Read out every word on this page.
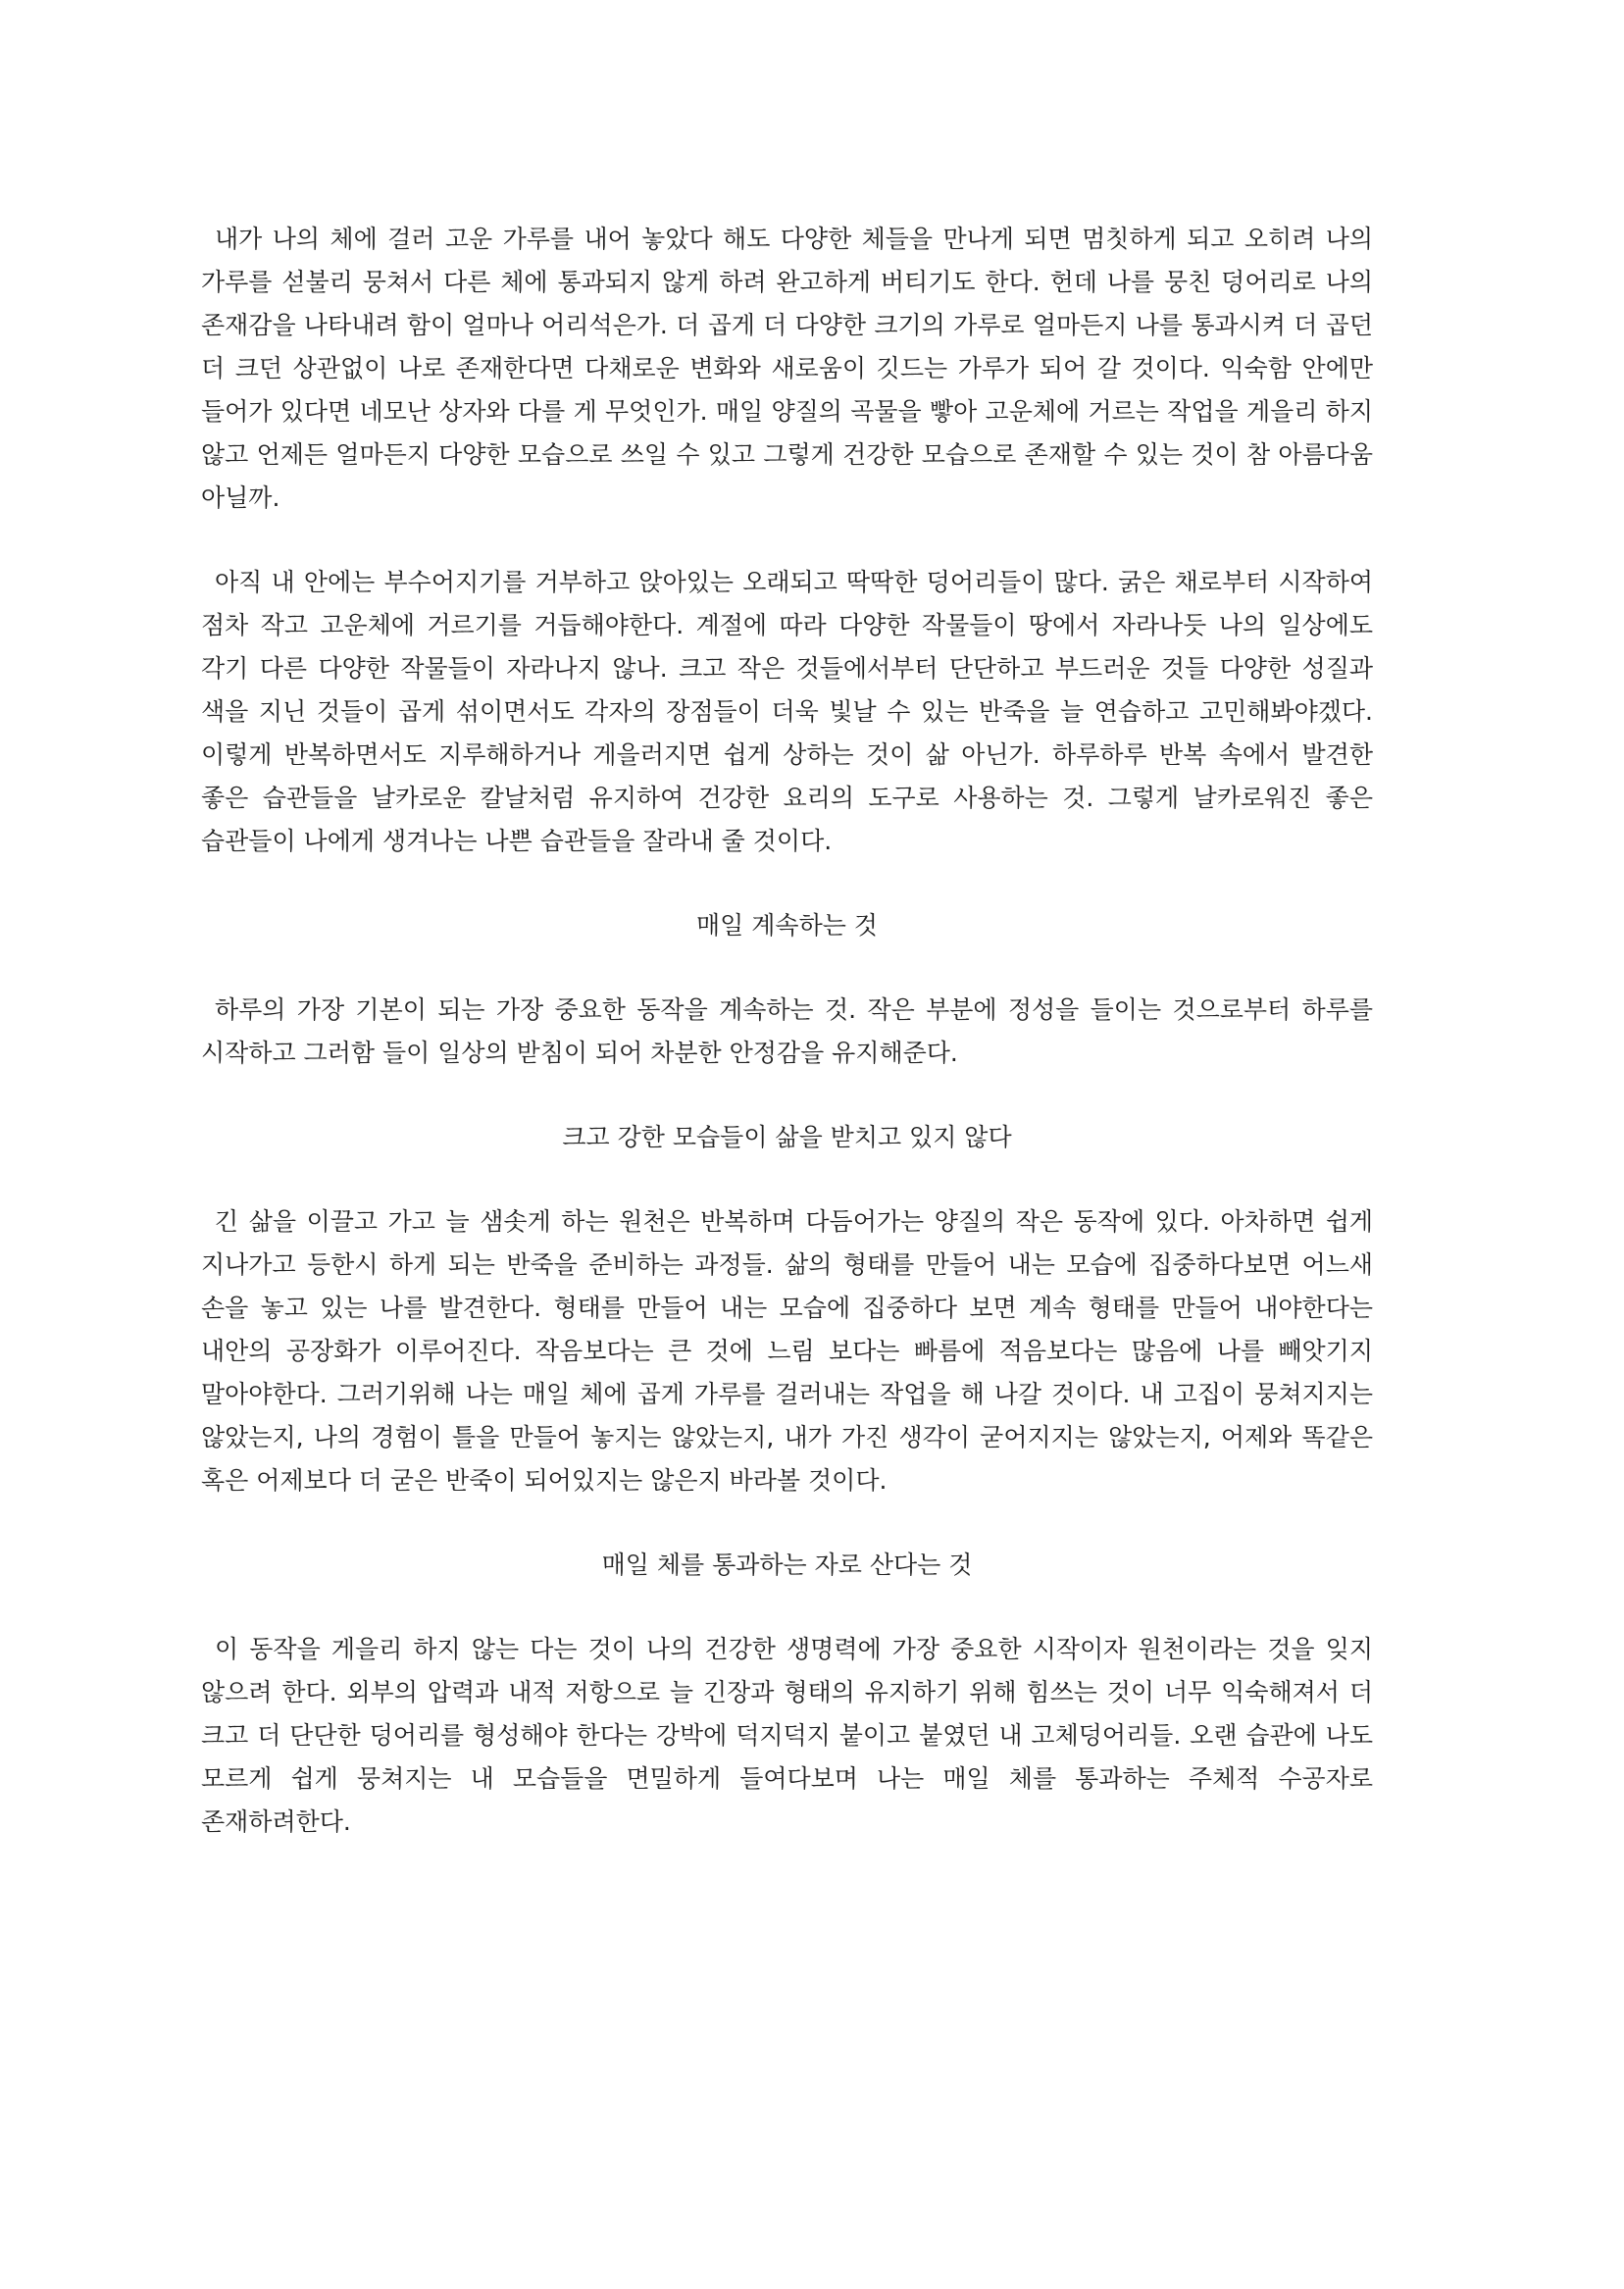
내가 나의 체에 걸러 고운 가루를 내어 놓았다 해도 다양한 체들을 만나게 되면 멈칫하게 되고 오히려 나의 가루를 섣불리 뭉쳐서 다른 체에 통과되지 않게 하려 완고하게 버티기도 한다. 헌데 나를 뭉친 덩어리로 나의 존재감을 나타내려 함이 얼마나 어리석은가. 더 곱게 더 다양한 크기의 가루로 얼마든지 나를 통과시켜 더 곱던 더 크던 상관없이 나로 존재한다면 다채로운 변화와 새로움이 깃드는 가루가 되어 갈 것이다. 익숙함 안에만 들어가 있다면 네모난 상자와 다를 게 무엇인가. 매일 양질의 곡물을 빻아 고운체에 거르는 작업을 게을리 하지 않고 언제든 얼마든지 다양한 모습으로 쓰일 수 있고 그렇게 건강한 모습으로 존재할 수 있는 것이 참 아름다움 아닐까.

아직 내 안에는 부수어지기를 거부하고 앉아있는 오래되고 딱딱한 덩어리들이 많다. 굵은 채로부터 시작하여 점차 작고 고운체에 거르기를 거듭해야한다. 계절에 따라 다양한 작물들이 땅에서 자라나듯 나의 일상에도 각기 다른 다양한 작물들이 자라나지 않나. 크고 작은 것들에서부터 단단하고 부드러운 것들 다양한 성질과 색을 지닌 것들이 곱게 섞이면서도 각자의 장점들이 더욱 빛날 수 있는 반죽을 늘 연습하고 고민해봐야겠다. 이렇게 반복하면서도 지루해하거나 게을러지면 쉽게 상하는 것이 삶 아닌가. 하루하루 반복 속에서 발견한 좋은 습관들을 날카로운 칼날처럼 유지하여 건강한 요리의 도구로 사용하는 것. 그렇게 날카로워진 좋은 습관들이 나에게 생겨나는 나쁜 습관들을 잘라내 줄 것이다.

매일 계속하는 것

하루의 가장 기본이 되는 가장 중요한 동작을 계속하는 것. 작은 부분에 정성을 들이는 것으로부터 하루를 시작하고 그러함 들이 일상의 받침이 되어 차분한 안정감을 유지해준다.

크고 강한 모습들이 삶을 받치고 있지 않다

긴 삶을 이끌고 가고 늘 샘솟게 하는 원천은 반복하며 다듬어가는 양질의 작은 동작에 있다. 아차하면 쉽게 지나가고 등한시 하게 되는 반죽을 준비하는 과정들. 삶의 형태를 만들어 내는 모습에 집중하다보면 어느새 손을 놓고 있는 나를 발견한다. 형태를 만들어 내는 모습에 집중하다 보면 계속 형태를 만들어 내야한다는 내안의 공장화가 이루어진다. 작음보다는 큰 것에 느림 보다는 빠름에 적음보다는 많음에 나를 빼앗기지 말아야한다. 그러기위해 나는 매일 체에 곱게 가루를 걸러내는 작업을 해 나갈 것이다. 내 고집이 뭉쳐지지는 않았는지, 나의 경험이 틀을 만들어 놓지는 않았는지, 내가 가진 생각이 굳어지지는 않았는지, 어제와 똑같은 혹은 어제보다 더 굳은 반죽이 되어있지는 않은지 바라볼 것이다.

매일 체를 통과하는 자로 산다는 것

이 동작을 게을리 하지 않는 다는 것이 나의 건강한 생명력에 가장 중요한 시작이자 원천이라는 것을 잊지 않으려 한다. 외부의 압력과 내적 저항으로 늘 긴장과 형태의 유지하기 위해 힘쓰는 것이 너무 익숙해져서 더 크고 더 단단한 덩어리를 형성해야 한다는 강박에 덕지덕지 붙이고 붙였던 내 고체덩어리들. 오랜 습관에 나도 모르게 쉽게 뭉쳐지는 내 모습들을 면밀하게 들여다보며 나는 매일 체를 통과하는 주체적 수공자로 존재하려한다.
